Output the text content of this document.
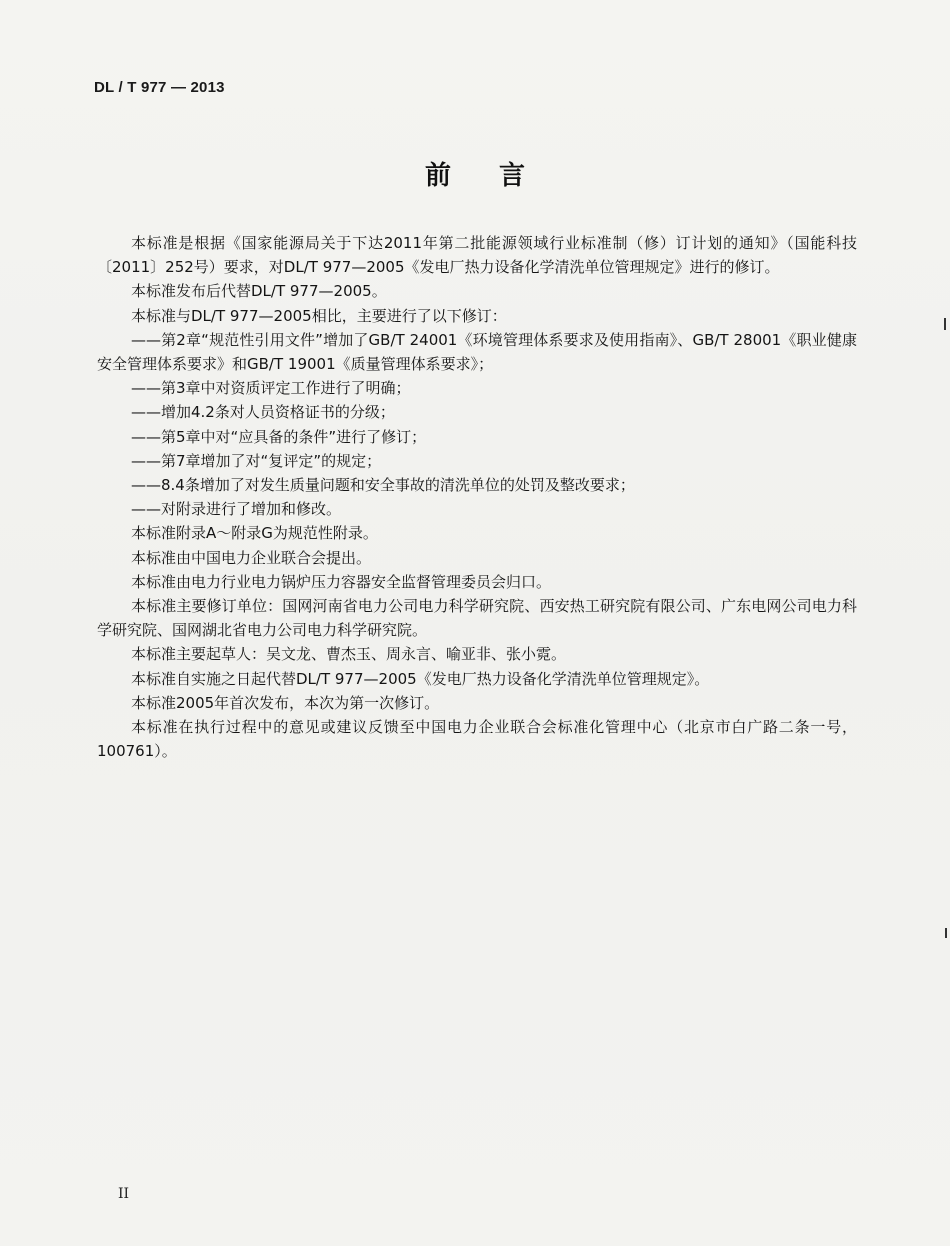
DL / T 977 — 2013
前言

本标准是根据《国家能源局关于下达2011年第二批能源领域行业标准制（修）订计划的通知》（国能科技〔2011〕252号）要求，对DL/T 977—2005《发电厂热力设备化学清洗单位管理规定》进行的修订。

本标准发布后代替DL/T 977—2005。

本标准与DL/T 977—2005相比，主要进行了以下修订：

——第2章“规范性引用文件”增加了GB/T 24001《环境管理体系要求及使用指南》、GB/T 28001《职业健康安全管理体系要求》和GB/T 19001《质量管理体系要求》；

——第3章中对资质评定工作进行了明确；

——增加4.2条对人员资格证书的分级；

——第5章中对“应具备的条件”进行了修订；

——第7章增加了对“复评定”的规定；

——8.4条增加了对发生质量问题和安全事故的清洗单位的处罚及整改要求；

——对附录进行了增加和修改。

本标准附录A～附录G为规范性附录。

本标准由中国电力企业联合会提出。

本标准由电力行业电力锅炉压力容器安全监督管理委员会归口。

本标准主要修订单位：国网河南省电力公司电力科学研究院、西安热工研究院有限公司、广东电网公司电力科学研究院、国网湖北省电力公司电力科学研究院。

本标准主要起草人：吴文龙、曹杰玉、周永言、喻亚非、张小霓。

本标准自实施之日起代替DL/T 977—2005《发电厂热力设备化学清洗单位管理规定》。

本标准2005年首次发布，本次为第一次修订。

本标准在执行过程中的意见或建议反馈至中国电力企业联合会标准化管理中心（北京市白广路二条一号，100761）。

II
